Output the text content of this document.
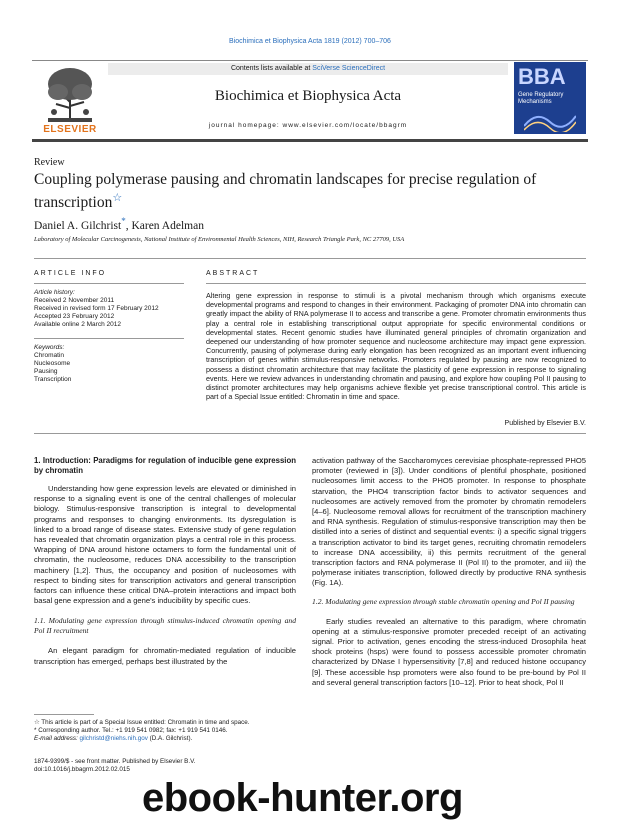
Biochimica et Biophysica Acta 1819 (2012) 700–706
ELSEVIER
Contents lists available at SciVerse ScienceDirect
Biochimica et Biophysica Acta
journal homepage: www.elsevier.com/locate/bbagrm
BBA
Gene Regulatory Mechanisms
Review
Coupling polymerase pausing and chromatin landscapes for precise regulation of transcription☆
Daniel A. Gilchrist*, Karen Adelman
Laboratory of Molecular Carcinogenesis, National Institute of Environmental Health Sciences, NIH, Research Triangle Park, NC 27709, USA
ARTICLE INFO
Article history:
Received 2 November 2011
Received in revised form 17 February 2012
Accepted 23 February 2012
Available online 2 March 2012
Keywords:
Chromatin
Nucleosome
Pausing
Transcription
ABSTRACT
Altering gene expression in response to stimuli is a pivotal mechanism through which organisms execute developmental programs and respond to changes in their environment. Packaging of promoter DNA into chromatin can greatly impact the ability of RNA polymerase II to access and transcribe a gene. Promoter chromatin environments thus play a central role in establishing transcriptional output appropriate for specific environmental conditions or developmental states. Recent genomic studies have illuminated general principles of chromatin organization and deepened our understanding of how promoter sequence and nucleosome architecture may impact gene expression. Concurrently, pausing of polymerase during early elongation has been recognized as an important event influencing transcription of genes within stimulus-responsive networks. Promoters regulated by pausing are now recognized to possess a distinct chromatin architecture that may facilitate the plasticity of gene expression in response to signaling events. Here we review advances in understanding chromatin and pausing, and explore how coupling Pol II pausing to distinct promoter architectures may help organisms achieve flexible yet precise transcriptional control. This article is part of a Special Issue entitled: Chromatin in time and space.
Published by Elsevier B.V.
1. Introduction: Paradigms for regulation of inducible gene expression by chromatin

Understanding how gene expression levels are elevated or diminished in response to a signaling event is one of the central challenges of molecular biology. Stimulus-responsive transcription is integral to developmental programs and responses to changing environments. Its dysregulation is linked to a broad range of disease states. Extensive study of gene regulation has revealed that chromatin organization plays a central role in this process. Wrapping of DNA around histone octamers to form the fundamental unit of chromatin, the nucleosome, reduces DNA accessibility to the transcription machinery [1,2]. Thus, the occupancy and position of nucleosomes with respect to binding sites for transcription activators and general transcription factors can influence these critical DNA–protein interactions and impact both basal gene expression and a gene's inducibility by specific cues.

1.1. Modulating gene expression through stimulus-induced chromatin opening and Pol II recruitment

An elegant paradigm for chromatin-mediated regulation of inducible transcription has emerged, perhaps best illustrated by the

activation pathway of the Saccharomyces cerevisiae phosphate-repressed PHO5 promoter (reviewed in [3]). Under conditions of plentiful phosphate, positioned nucleosomes limit access to the PHO5 promoter. In response to phosphate starvation, the PHO4 transcription factor binds to activator sequences and nucleosomes are actively removed from the promoter by chromatin remodelers [4–6]. Nucleosome removal allows for recruitment of the transcription machinery and RNA synthesis. Regulation of stimulus-responsive transcription may then be distilled into a series of distinct and sequential events: i) a specific signal triggers a transcription activator to bind its target genes, recruiting chromatin remodelers to increase DNA accessibility, ii) this permits recruitment of the general transcription factors and RNA polymerase II (Pol II) to the promoter, and iii) the polymerase initiates transcription, followed directly by productive RNA synthesis (Fig. 1A).

1.2. Modulating gene expression through stable chromatin opening and Pol II pausing

Early studies revealed an alternative to this paradigm, where chromatin opening at a stimulus-responsive promoter preceded receipt of an activating signal. Prior to activation, genes encoding the stress-induced Drosophila heat shock proteins (hsps) were found to possess accessible promoter chromatin characterized by DNase I hypersensitivity [7,8] and reduced histone occupancy [9]. These accessible hsp promoters were also found to be pre-bound by Pol II and several general transcription factors [10–12]. Prior to heat shock, Pol II

☆ This article is part of a Special Issue entitled: Chromatin in time and space.
* Corresponding author. Tel.: +1 919 541 0982; fax: +1 919 541 0146.
E-mail address: gilchristd@niehs.nih.gov (D.A. Gilchrist).
1874-9399/$ - see front matter. Published by Elsevier B.V.
doi:10.1016/j.bbagrm.2012.02.015
ebook-hunter.org
